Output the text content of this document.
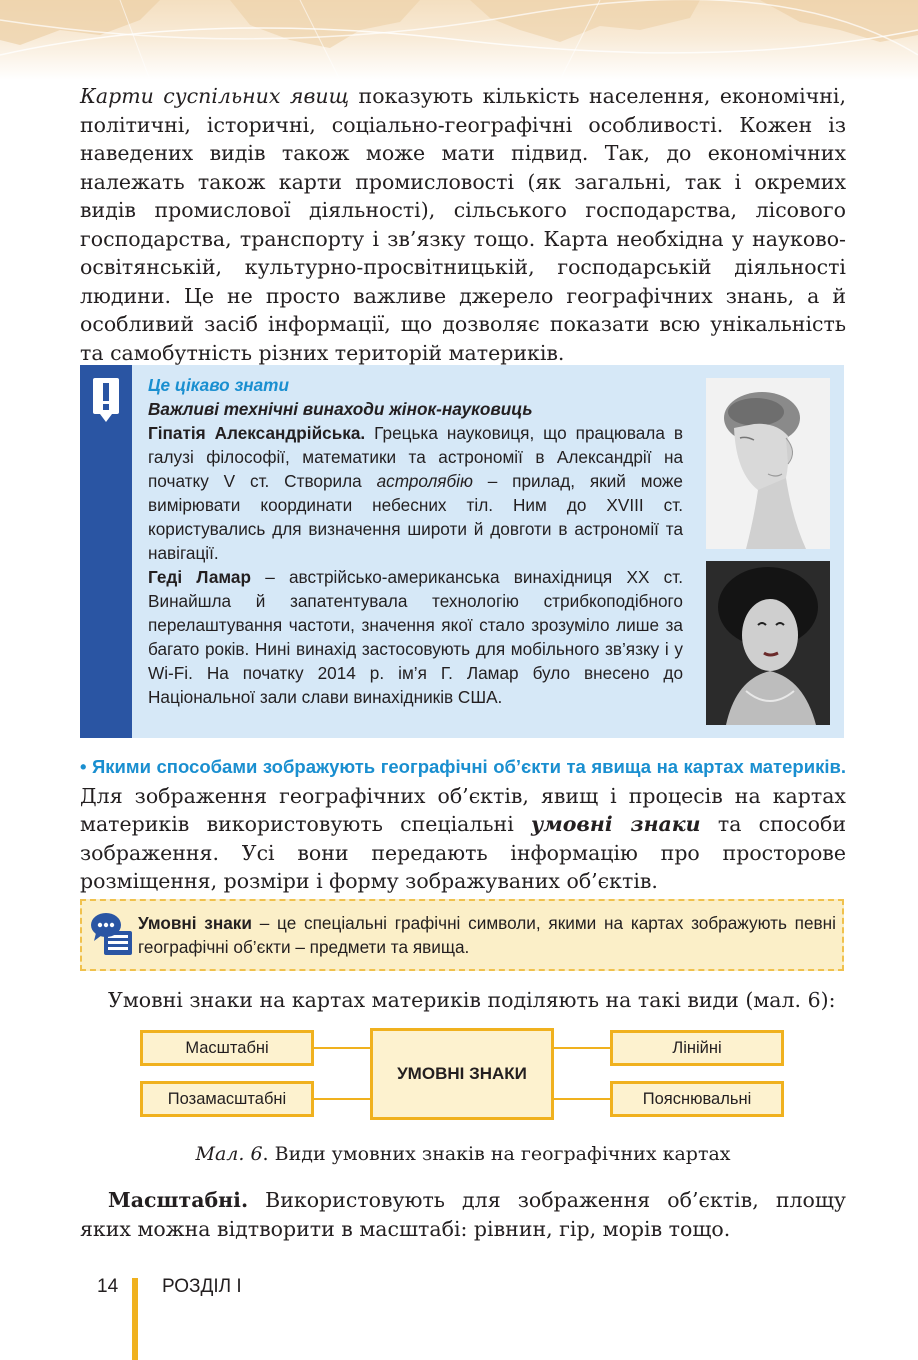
Карти суспільних явищ показують кількість населення, економічні, політичні, історичні, соціально-географічні особливості. Кожен із наведених видів також може мати підвид. Так, до економічних належать також карти промисловості (як загальні, так і окремих видів промислової діяльності), сільського господарства, лісового господарства, транспорту і зв’язку тощо. Карта необхідна у науково-освітянській, культурно-просвітницькій, господарській діяльності людини. Це не просто важливе джерело географічних знань, а й особливий засіб інформації, що дозволяє показати всю унікальність та самобутність різних територій материків.

Це цікаво знати
Важливі технічні винаходи жінок-науковиць

Гіпатія Александрійська. Грецька науковиця, що працювала в галузі філософії, математики та астрономії в Александрії на початку V ст. Створила астролябію – прилад, який може вимірювати координати небесних тіл. Ним до XVIII ст. користувались для визначення широти й довготи в астрономії та навігації.

Геді Ламар – австрійсько-американська винахідниця XX ст. Винайшла й запатентувала технологію стрибкоподібного перелаштування частоти, значення якої стало зрозуміло лише за багато років. Нині винахід застосовують для мобільного зв’язку і у Wi-Fi. На початку 2014 р. ім’я Г. Ламар було внесено до Національної зали слави винахідників США.

• Якими способами зображують географічні об’єкти та явища на картах материків. Для зображення географічних об’єктів, явищ і процесів на картах материків використовують спеціальні умовні знаки та способи зображення. Усі вони передають інформацію про просторове розміщення, розміри і форму зображуваних об’єктів.

Умовні знаки – це спеціальні графічні символи, якими на картах зображують певні географічні об’єкти – предмети та явища.

Умовні знаки на картах материків поділяють на такі види (мал. 6):

Масштабні
Позамасштабні
УМОВНІ ЗНАКИ
Лінійні
Пояснювальні

Мал. 6. Види умовних знаків на географічних картах

Масштабні. Використовують для зображення об’єктів, площу яких можна відтворити в масштабі: рівнин, гір, морів тощо.

14 РОЗДІЛ І
